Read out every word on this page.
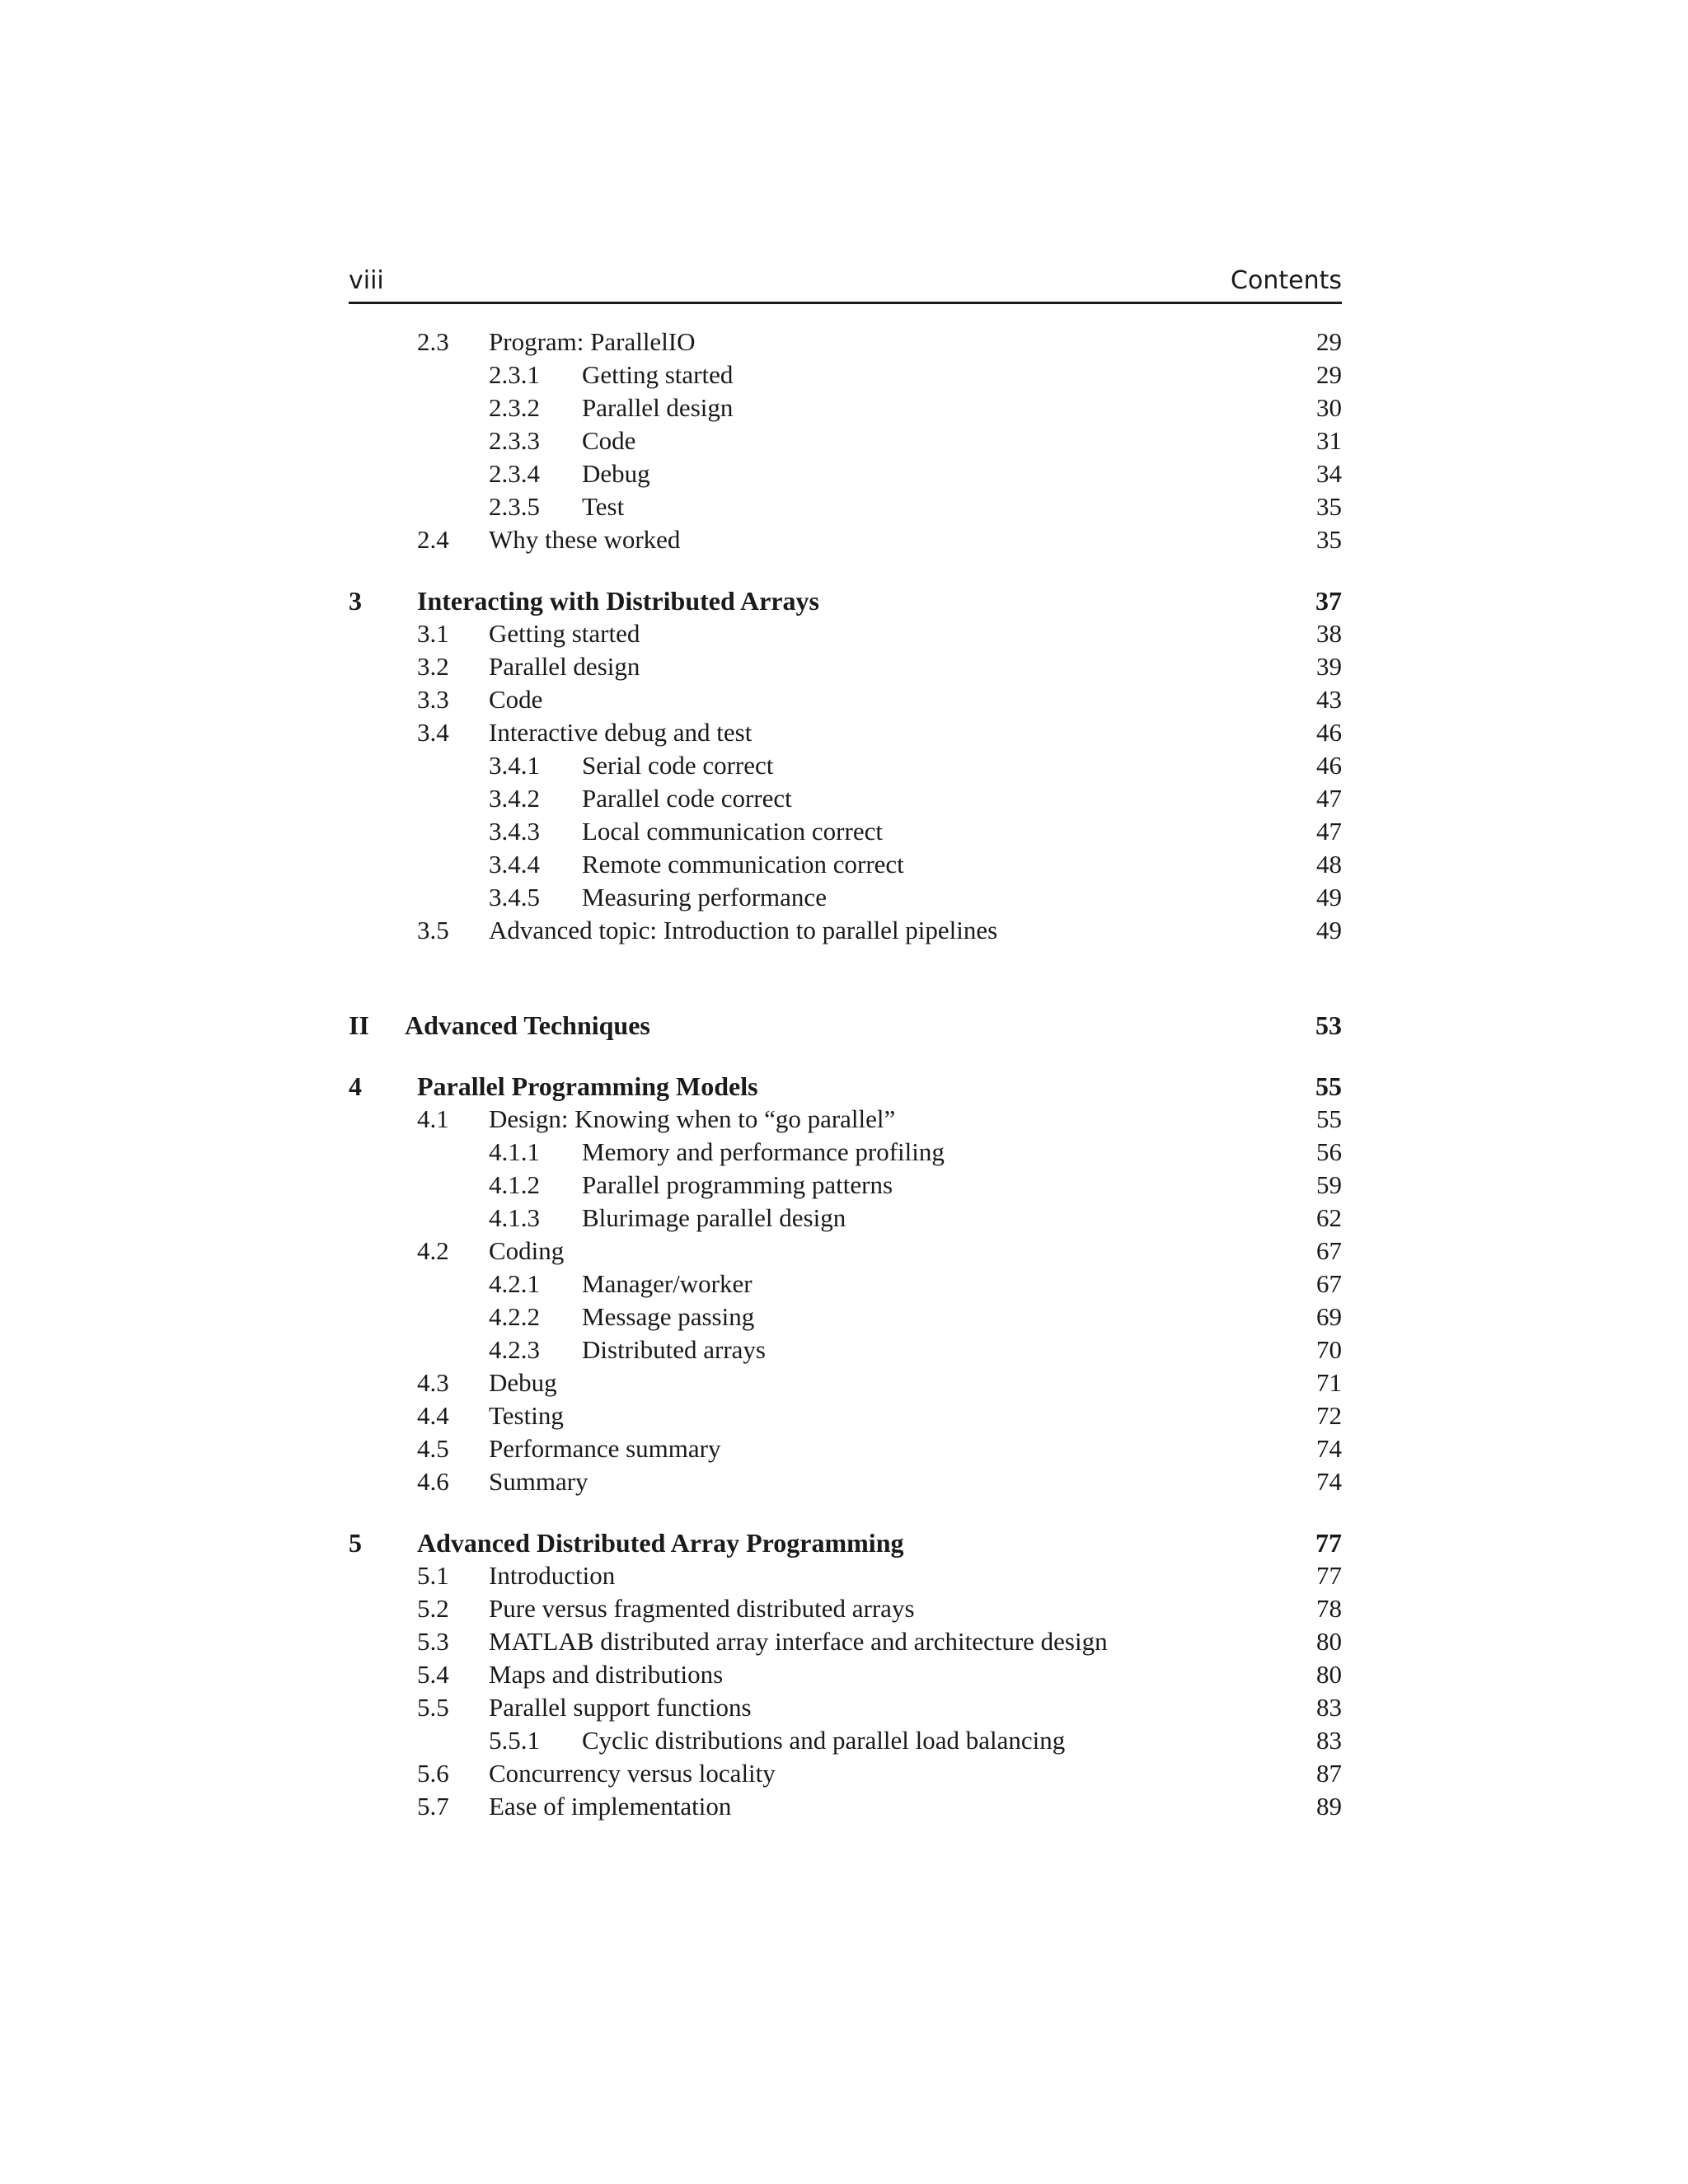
viii	Contents
2.3 Program: ParallelIO	29
2.3.1 Getting started	29
2.3.2 Parallel design	30
2.3.3 Code	31
2.3.4 Debug	34
2.3.5 Test	35
2.4 Why these worked	35
3 Interacting with Distributed Arrays	37
3.1 Getting started	38
3.2 Parallel design	39
3.3 Code	43
3.4 Interactive debug and test	46
3.4.1 Serial code correct	46
3.4.2 Parallel code correct	47
3.4.3 Local communication correct	47
3.4.4 Remote communication correct	48
3.4.5 Measuring performance	49
3.5 Advanced topic: Introduction to parallel pipelines	49
II Advanced Techniques	53
4 Parallel Programming Models	55
4.1 Design: Knowing when to “go parallel”	55
4.1.1 Memory and performance profiling	56
4.1.2 Parallel programming patterns	59
4.1.3 Blurimage parallel design	62
4.2 Coding	67
4.2.1 Manager/worker	67
4.2.2 Message passing	69
4.2.3 Distributed arrays	70
4.3 Debug	71
4.4 Testing	72
4.5 Performance summary	74
4.6 Summary	74
5 Advanced Distributed Array Programming	77
5.1 Introduction	77
5.2 Pure versus fragmented distributed arrays	78
5.3 MATLAB distributed array interface and architecture design	80
5.4 Maps and distributions	80
5.5 Parallel support functions	83
5.5.1 Cyclic distributions and parallel load balancing	83
5.6 Concurrency versus locality	87
5.7 Ease of implementation	89
